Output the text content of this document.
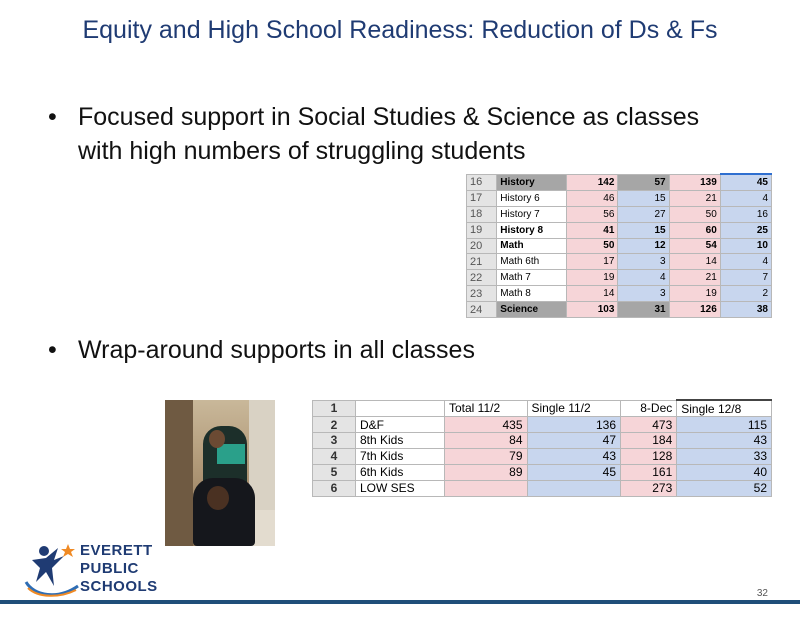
Equity and High School Readiness: Reduction of Ds & Fs
• Focused support in Social Studies & Science as classes with high numbers of struggling students
16	History	142	57	139	45
17	History 6	46	15	21	4
18	History 7	56	27	50	16
19	History 8	41	15	60	25
20	Math	50	12	54	10
21	Math 6th	17	3	14	4
22	Math 7	19	4	21	7
23	Math 8	14	3	19	2
24	Science	103	31	126	38
• Wrap-around supports in all classes
1		Total 11/2	Single 11/2	8-Dec	Single 12/8
2	D&F	435	136	473	115
3	8th Kids	84	47	184	43
4	7th Kids	79	43	128	33
5	6th Kids	89	45	161	40
6	LOW SES			273	52
EVERETT
PUBLIC
SCHOOLS	32
